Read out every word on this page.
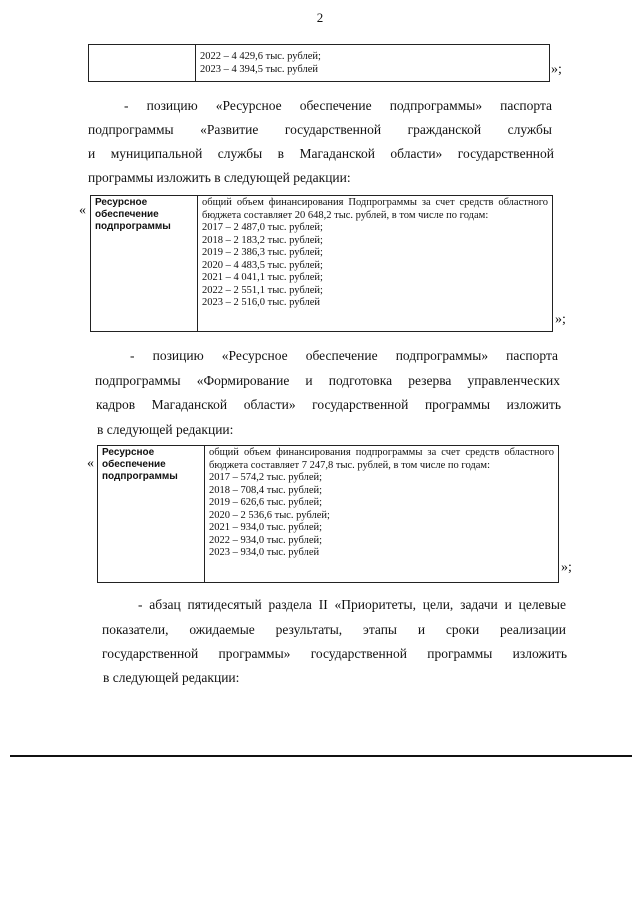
2

2022 – 4 429,6 тыс. рублей;
2023 – 4 394,5 тыс. рублей	»;
- позицию «Ресурсное обеспечение подпрограммы» паспорта
подпрограммы «Развитие государственной гражданской службы
и муниципальной службы в Магаданской области» государственной
программы изложить в следующей редакции:
«
Ресурсное обеспечение подпрограммы	
общий объем финансирования Подпрограммы за счет средств областного бюджета составляет 20 648,2 тыс. рублей, в том числе по годам:
2017 – 2 487,0 тыс. рублей;
2018 – 2 183,2 тыс. рублей;
2019 – 2 386,3 тыс. рублей;
2020 – 4 483,5 тыс. рублей;
2021 – 4 041,1 тыс. рублей;
2022 – 2 551,1 тыс. рублей;
2023 – 2 516,0 тыс. рублей
»;
- позицию «Ресурсное обеспечение подпрограммы» паспорта
подпрограммы «Формирование и подготовка резерва управленческих
кадров Магаданской области» государственной программы изложить
в следующей редакции:
«
Ресурсное обеспечение подпрограммы	
общий объем финансирования подпрограммы за счет средств областного бюджета составляет 7 247,8 тыс. рублей, в том числе по годам:
2017 – 574,2 тыс. рублей;
2018 – 708,4 тыс. рублей;
2019 – 626,6 тыс. рублей;
2020 – 2 536,6 тыс. рублей;
2021 – 934,0 тыс. рублей;
2022 – 934,0 тыс. рублей;
2023 – 934,0 тыс. рублей
»;
- абзац пятидесятый раздела II «Приоритеты, цели, задачи и целевые
показатели, ожидаемые результаты, этапы и сроки реализации
государственной программы» государственной программы изложить
в следующей редакции:
